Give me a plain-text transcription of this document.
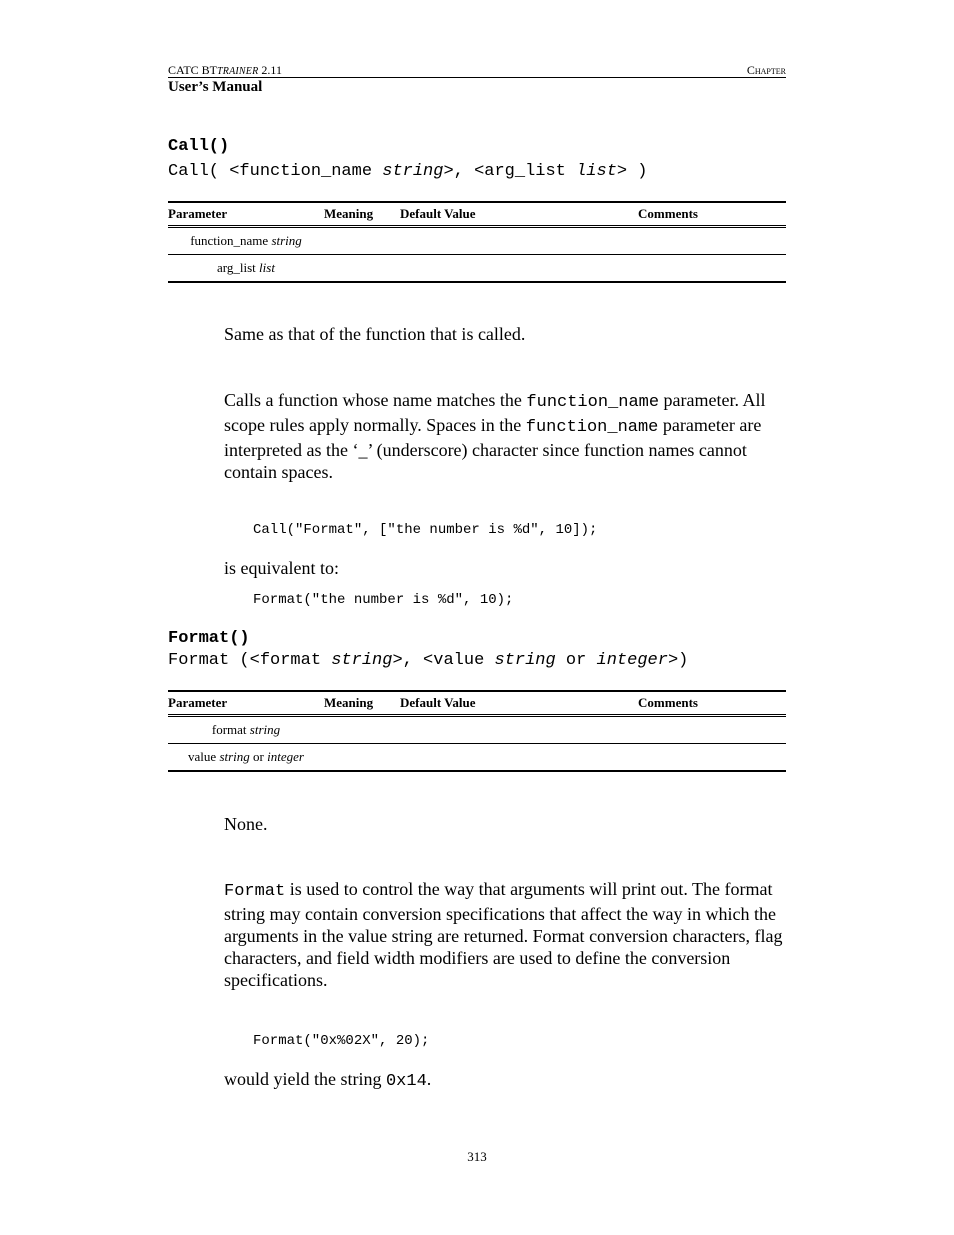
CATC BTTRAINER 2.11	Chapter
User’s Manual
Call()
Call( <function_name string>, <arg_list list> )
Parameter	Meaning	Default Value	Comments
function_name string			
arg_list list			
Same as that of the function that is called.
Calls a function whose name matches the function_name parameter. All scope rules apply normally. Spaces in the function_name parameter are interpreted as the ‘_’ (underscore) character since function names cannot contain spaces.
Call("Format", ["the number is %d", 10]);
is equivalent to:
Format("the number is %d", 10);
Format()
Format (<format string>, <value string or integer>)
Parameter	Meaning	Default Value	Comments
format string			
value string or integer			
None.
Format is used to control the way that arguments will print out. The format string may contain conversion specifications that affect the way in which the arguments in the value string are returned. Format conversion characters, flag characters, and field width modifiers are used to define the conversion specifications.
Format("0x%02X", 20);
would yield the string 0x14.
313
